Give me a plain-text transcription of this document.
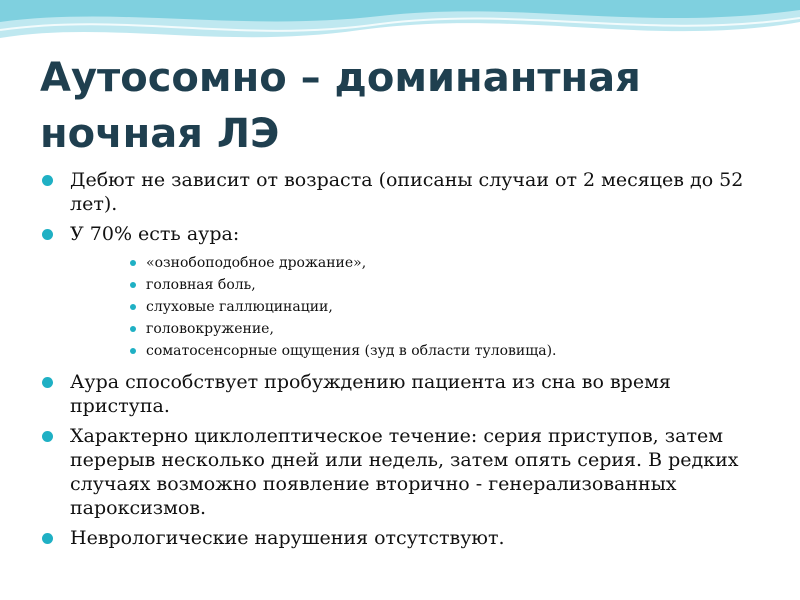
Аутосомно – доминантная ночная ЛЭ
Дебют не зависит от возраста (описаны случаи от 2 месяцев до 52 лет).
У 70% есть аура:
«ознобоподобное дрожание»,
головная боль,
слуховые галлюцинации,
головокружение,
соматосенсорные ощущения (зуд в области туловища).
Аура способствует пробуждению пациента из сна во время приступа.
Характерно циклолептическое течение: серия приступов, затем перерыв несколько дней или недель, затем опять серия. В редких случаях возможно появление вторично - генерализованных пароксизмов.
Неврологические нарушения отсутствуют.
